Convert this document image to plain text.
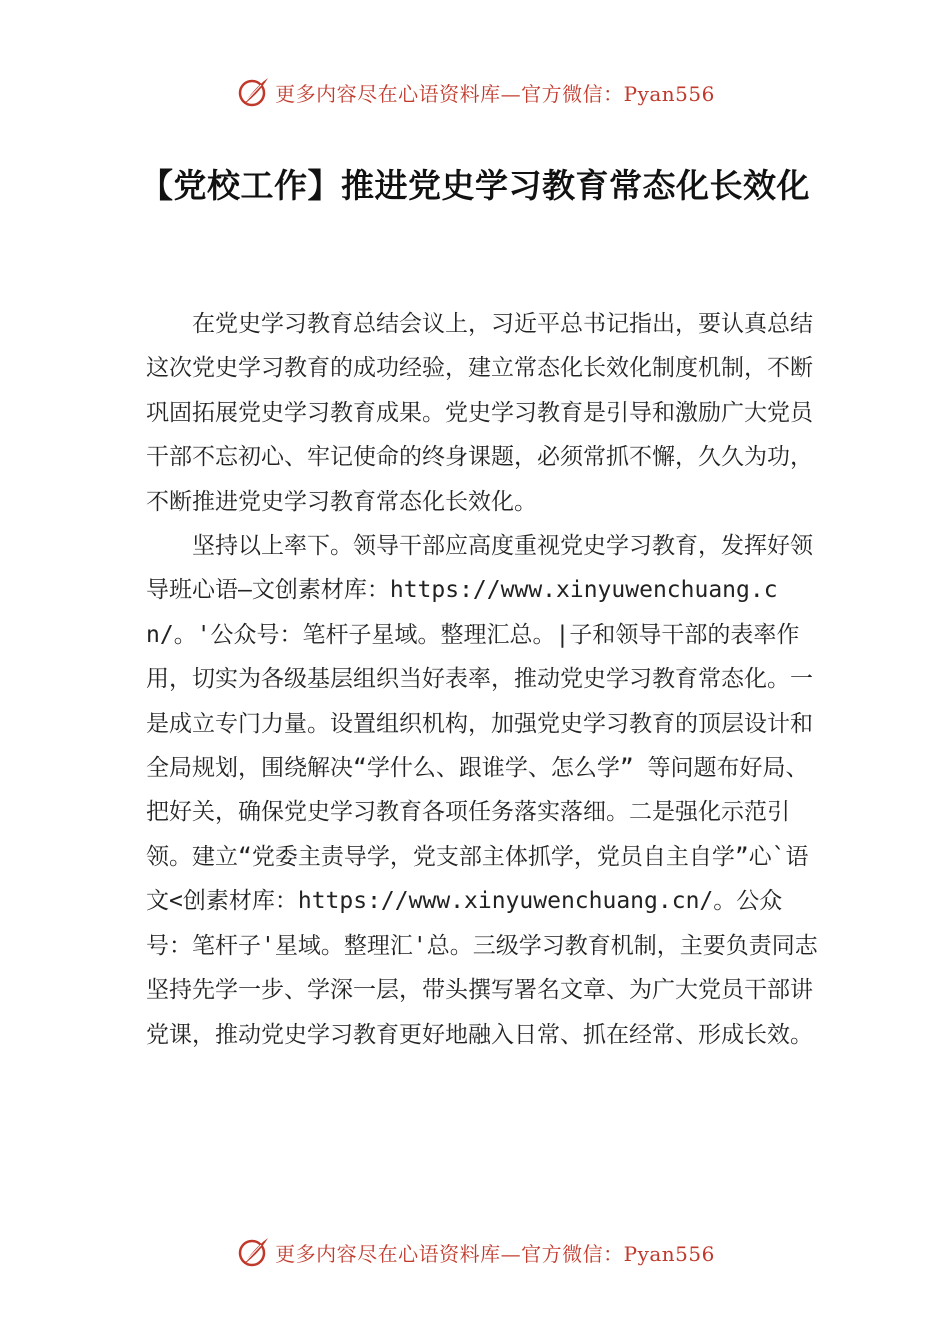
更多内容尽在心语资料库—官方微信：Pyan556
【党校工作】推进党史学习教育常态化长效化

在党史学习教育总结会议上，习近平总书记指出，要认真总结这次党史学习教育的成功经验，建立常态化长效化制度机制，不断巩固拓展党史学习教育成果。党史学习教育是引导和激励广大党员干部不忘初心、牢记使命的终身课题，必须常抓不懈，久久为功，不断推进党史学习教育常态化长效化。

坚持以上率下。领导干部应高度重视党史学习教育，发挥好领导班心语—文创素材库：https://www.xinyuwenchuang.cn/。'公众号：笔杆子星域。整理汇总。|子和领导干部的表率作用，切实为各级基层组织当好表率，推动党史学习教育常态化。一是成立专门力量。设置组织机构，加强党史学习教育的顶层设计和全局规划，围绕解决“学什么、跟谁学、怎么学” 等问题布好局、把好关，确保党史学习教育各项任务落实落细。二是强化示范引领。建立“党委主责导学，党支部主体抓学，党员自主自学”心`语文<创素材库：https://www.xinyuwenchuang.cn/。公众号：笔杆子'星域。整理汇'总。三级学习教育机制，主要负责同志坚持先学一步、学深一层，带头撰写署名文章、为广大党员干部讲党课，推动党史学习教育更好地融入日常、抓在经常、形成长效。

更多内容尽在心语资料库—官方微信：Pyan556
